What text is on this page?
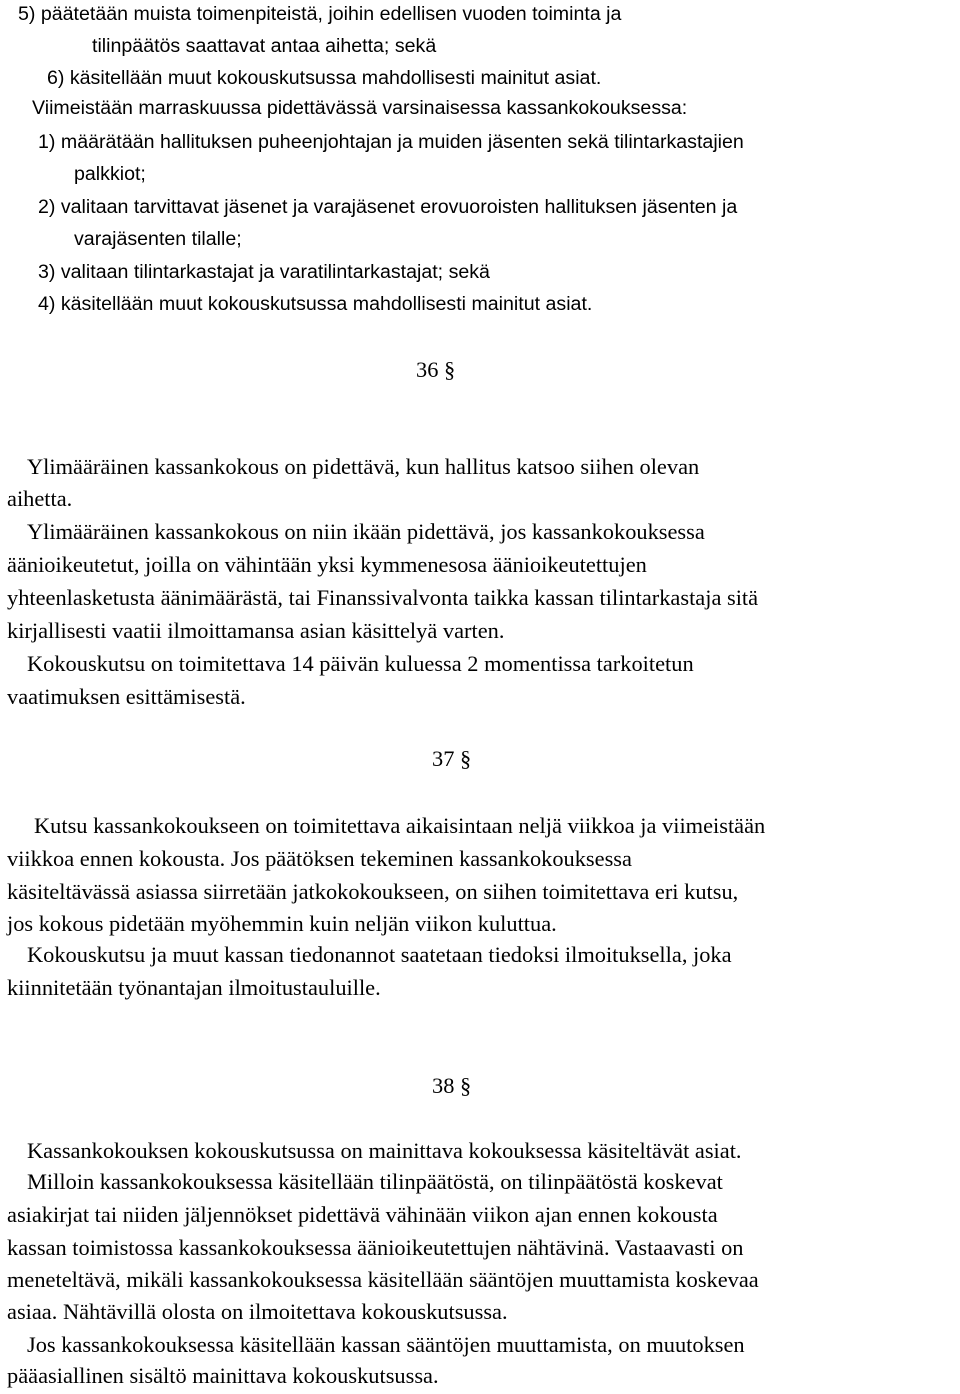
5) päätetään muista toimenpiteistä, joihin edellisen vuoden toiminta ja
tilinpäätös saattavat antaa aihetta; sekä
6) käsitellään muut kokouskutsussa mahdollisesti mainitut asiat.
Viimeistään marraskuussa pidettävässä varsinaisessa kassankokouksessa:
1) määrätään hallituksen puheenjohtajan ja muiden jäsenten sekä tilintarkastajien
palkkiot;
2) valitaan tarvittavat jäsenet ja varajäsenet erovuoroisten hallituksen jäsenten ja
varajäsenten tilalle;
3) valitaan tilintarkastajat ja varatilintarkastajat; sekä
4) käsitellään muut kokouskutsussa mahdollisesti mainitut asiat.
36 §
Ylimääräinen kassankokous on pidettävä, kun hallitus katsoo siihen olevan
aihetta.
Ylimääräinen kassankokous on niin ikään pidettävä, jos kassankokouksessa
äänioikeutetut, joilla on vähintään yksi kymmenesosa äänioikeutettujen
yhteenlasketusta äänimäärästä, tai Finanssivalvonta taikka kassan tilintarkastaja sitä
kirjallisesti vaatii ilmoittamansa asian käsittelyä varten.
Kokouskutsu on toimitettava 14 päivän kuluessa 2 momentissa tarkoitetun
vaatimuksen esittämisestä.
37 §
Kutsu kassankokoukseen on toimitettava aikaisintaan neljä viikkoa ja viimeistään
viikkoa ennen kokousta. Jos päätöksen tekeminen kassankokouksessa
käsiteltävässä asiassa siirretään jatkokokoukseen, on siihen toimitettava eri kutsu,
jos kokous pidetään myöhemmin kuin neljän viikon kuluttua.
Kokouskutsu ja muut kassan tiedonannot saatetaan tiedoksi ilmoituksella, joka
kiinnitetään työnantajan ilmoitustauluille.
38 §
Kassankokouksen kokouskutsussa on mainittava kokouksessa käsiteltävät asiat.
Milloin kassankokouksessa käsitellään tilinpäätöstä, on tilinpäätöstä koskevat
asiakirjat tai niiden jäljennökset pidettävä vähinään viikon ajan ennen kokousta
kassan toimistossa kassankokouksessa äänioikeutettujen nähtävinä. Vastaavasti on
meneteltävä, mikäli kassankokouksessa käsitellään sääntöjen muuttamista koskevaa
asiaa. Nähtävillä olosta on ilmoitettava kokouskutsussa.
Jos kassankokouksessa käsitellään kassan sääntöjen muuttamista, on muutoksen
pääasiallinen sisältö mainittava kokouskutsussa.
